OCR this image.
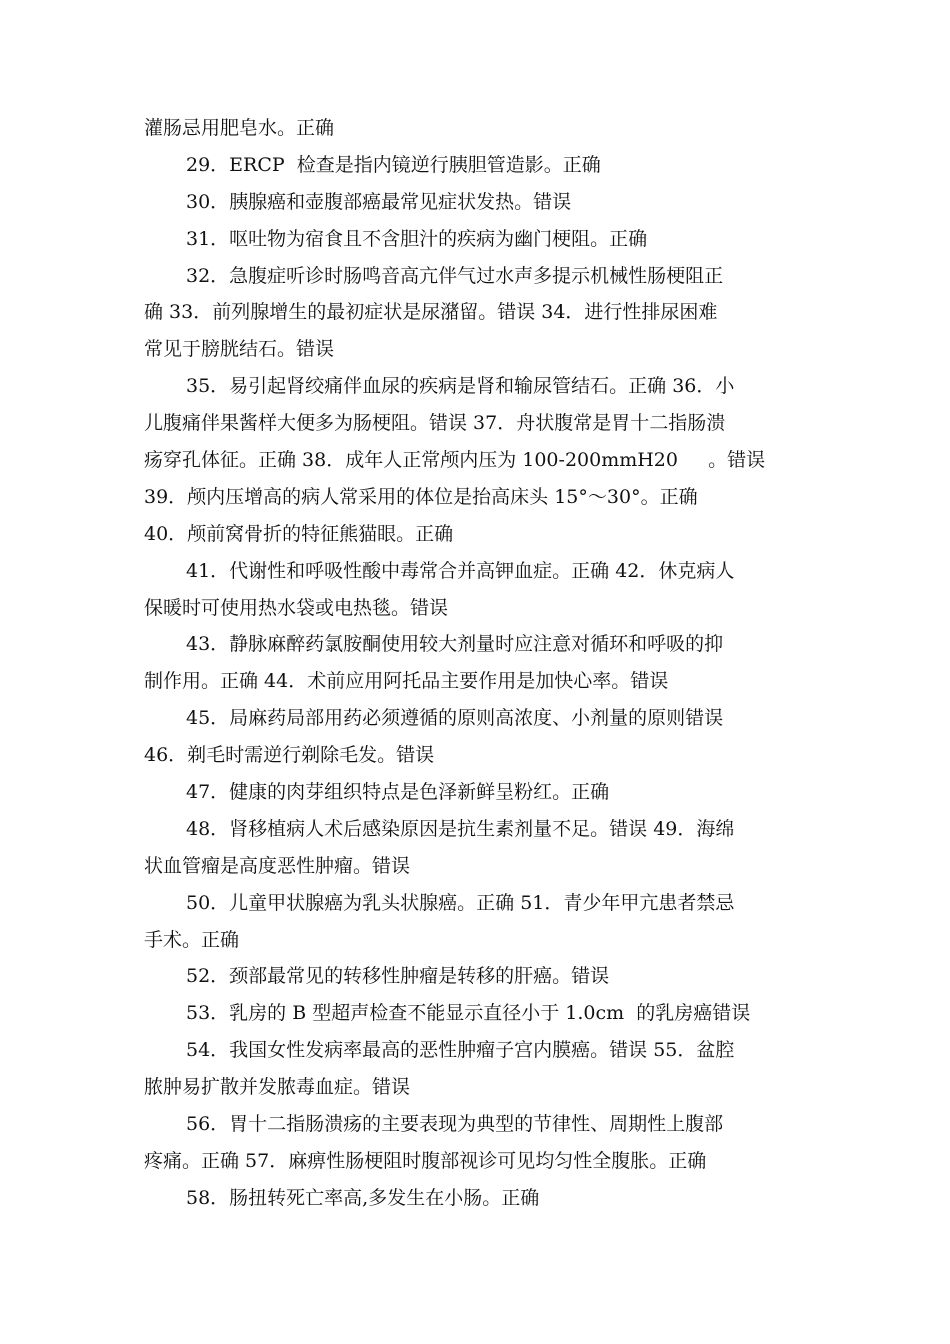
灌肠忌用肥皂水。正确
29．ERCP  检查是指内镜逆行胰胆管造影。正确
30．胰腺癌和壶腹部癌最常见症状发热。错误
31．呕吐物为宿食且不含胆汁的疾病为幽门梗阻。正确
32．急腹症听诊时肠鸣音高亢伴气过水声多提示机械性肠梗阻正
确 33．前列腺增生的最初症状是尿潴留。错误 34．进行性排尿困难
常见于膀胱结石。错误
35．易引起肾绞痛伴血尿的疾病是肾和输尿管结石。正确 36．小
儿腹痛伴果酱样大便多为肠梗阻。错误 37．舟状腹常是胃十二指肠溃
疡穿孔体征。正确 38．成年人正常颅内压为 100-200mmH20     。错误
39．颅内压增高的病人常采用的体位是抬高床头 15°～30°。正确
40．颅前窝骨折的特征熊猫眼。正确
41．代谢性和呼吸性酸中毒常合并高钾血症。正确 42．休克病人
保暖时可使用热水袋或电热毯。错误
43．静脉麻醉药氯胺酮使用较大剂量时应注意对循环和呼吸的抑
制作用。正确 44．术前应用阿托品主要作用是加快心率。错误
45．局麻药局部用药必须遵循的原则高浓度、小剂量的原则错误
46．剃毛时需逆行剃除毛发。错误
47．健康的肉芽组织特点是色泽新鲜呈粉红。正确
48．肾移植病人术后感染原因是抗生素剂量不足。错误 49．海绵
状血管瘤是高度恶性肿瘤。错误
50．儿童甲状腺癌为乳头状腺癌。正确 51．青少年甲亢患者禁忌
手术。正确
52．颈部最常见的转移性肿瘤是转移的肝癌。错误
53．乳房的 B 型超声检查不能显示直径小于 1.0cm  的乳房癌错误
54．我国女性发病率最高的恶性肿瘤子宫内膜癌。错误 55．盆腔
脓肿易扩散并发脓毒血症。错误
56．胃十二指肠溃疡的主要表现为典型的节律性、周期性上腹部
疼痛。正确 57．麻痹性肠梗阻时腹部视诊可见均匀性全腹胀。正确
58．肠扭转死亡率高,多发生在小肠。正确
